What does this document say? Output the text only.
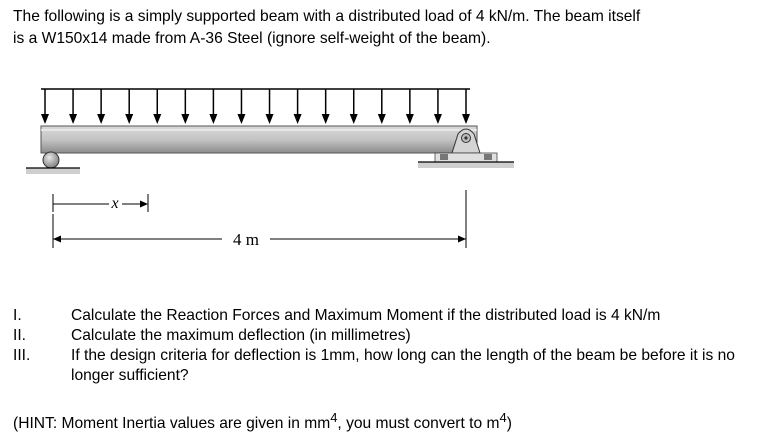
The following is a simply supported beam with a distributed load of 4 kN/m. The beam itself

is a W150x14 made from A-36 Steel (ignore self-weight of the beam).

x
4 m
I.	Calculate the Reaction Forces and Maximum Moment if the distributed load is 4 kN/m
II.	Calculate the maximum deflection (in millimetres)
III.	If the design criteria for deflection is 1mm, how long can the length of the beam be before it is no longer sufficient?
(HINT: Moment Inertia values are given in $mm^4$, you must convert to $m^4$)
